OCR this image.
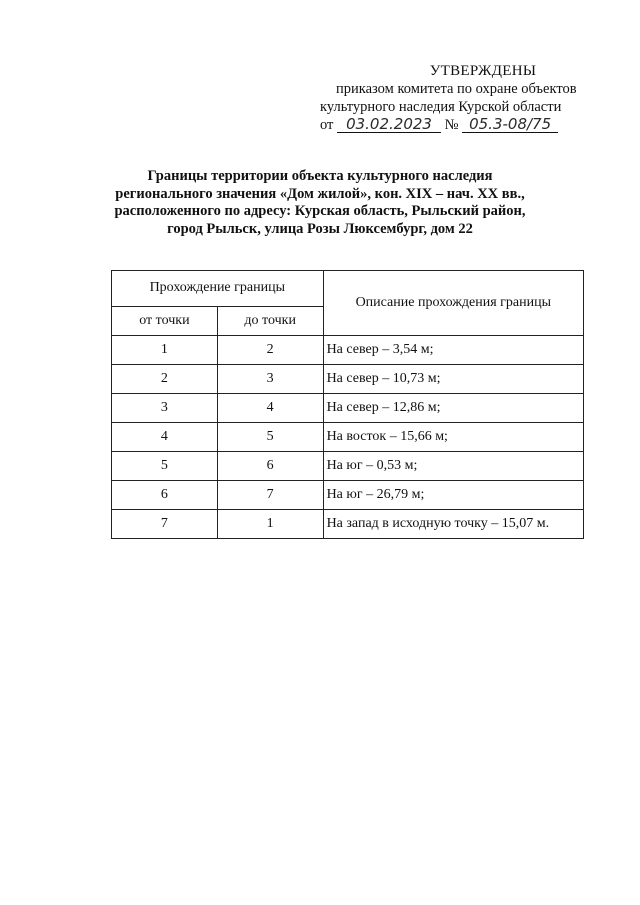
УТВЕРЖДЕНЫ
приказом комитета по охране объектов
культурного наследия Курской области
от 03.02.2023 № 05.3-08/75
Границы территории объекта культурного наследия
регионального значения «Дом жилой», кон. XIX – нач. XX вв.,
расположенного по адресу: Курская область, Рыльский район,
город Рыльск, улица Розы Люксембург, дом 22
Прохождение границы		Описание прохождения границы
от точки	до точки	
1	2	На север – 3,54 м;
2	3	На север – 10,73 м;
3	4	На север – 12,86 м;
4	5	На восток – 15,66 м;
5	6	На юг – 0,53 м;
6	7	На юг – 26,79 м;
7	1	На запад в исходную точку – 15,07 м.
